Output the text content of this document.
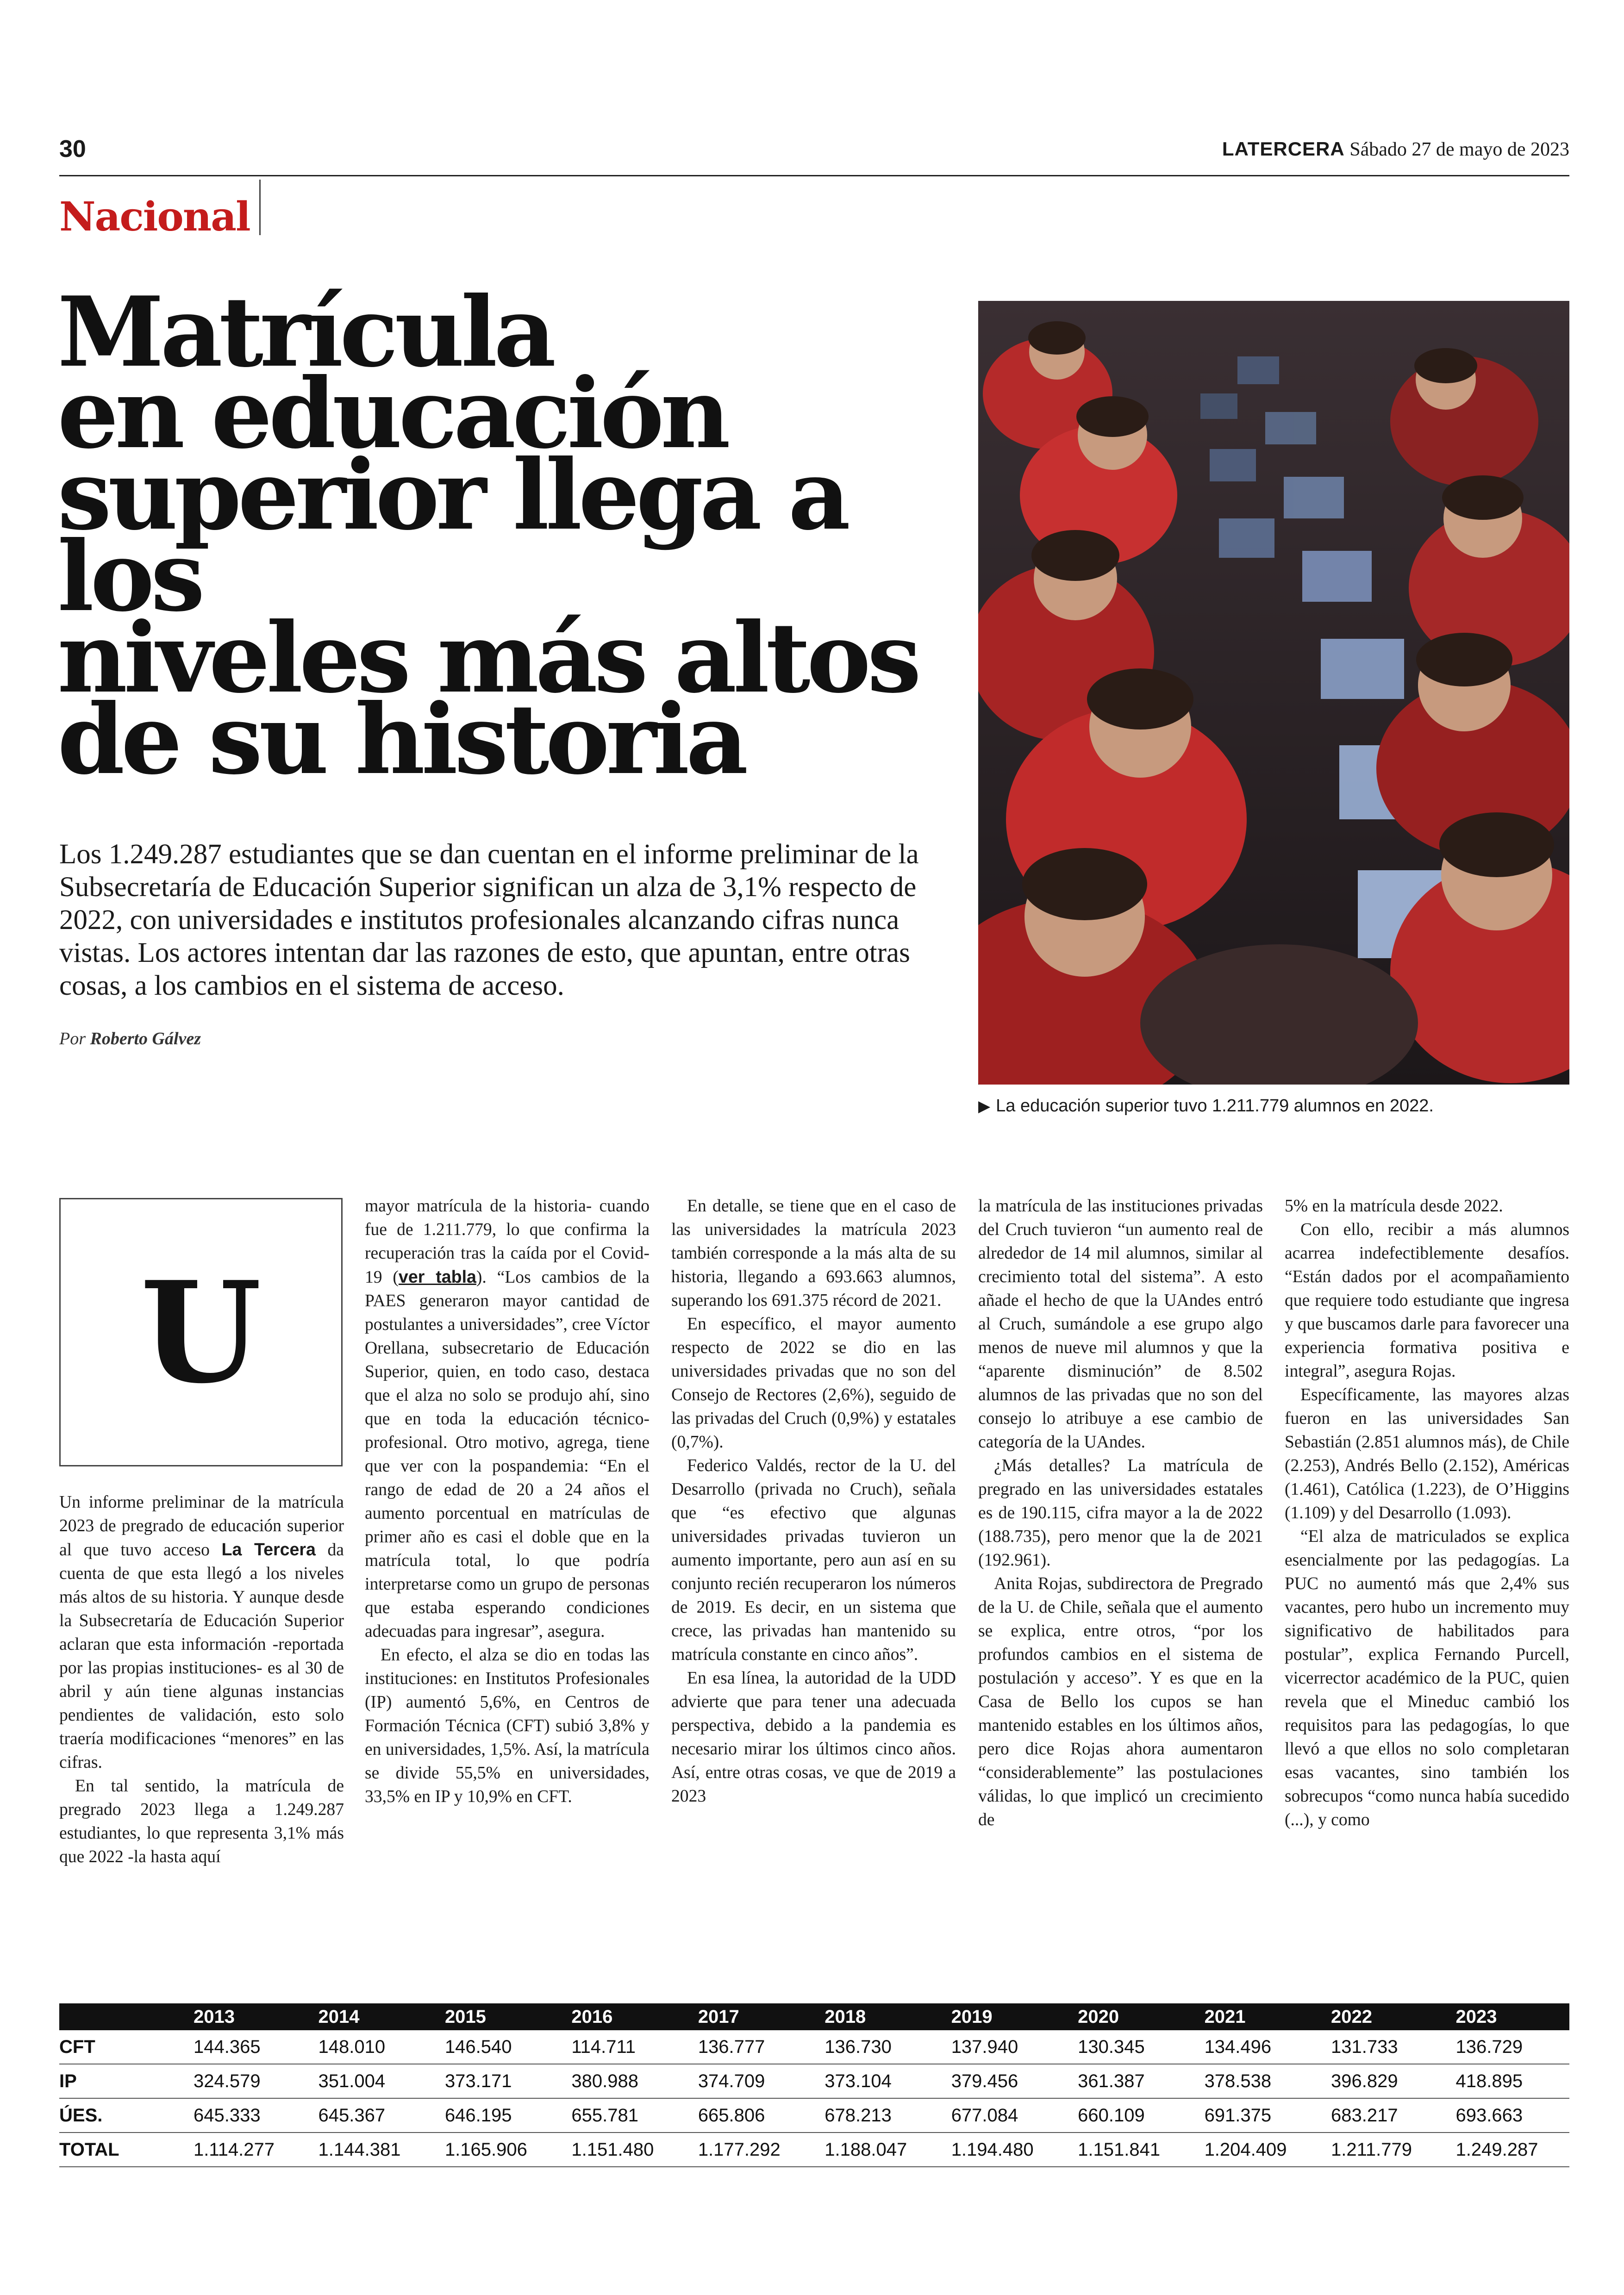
30	LATERCERA Sábado 27 de mayo de 2023
Nacional
Matrícula
en educación
superior llega a los
niveles más altos
de su historia

Los 1.249.287 estudiantes que se dan cuentan en el informe preliminar de la Subsecretaría de Educación Superior significan un alza de 3,1% respecto de 2022, con universidades e institutos profesionales alcanzando cifras nunca vistas. Los actores intentan dar las razones de esto, que apuntan, entre otras cosas, a los cambios en el sistema de acceso.

Por Roberto Gálvez
▶ La educación superior tuvo 1.211.779 alumnos en 2022.
U

Un informe preliminar de la matrícula 2023 de pregrado de educación superior al que tuvo acceso La Tercera da cuenta de que esta llegó a los niveles más altos de su historia. Y aunque desde la Subsecretaría de Educación Superior aclaran que esta información -reportada por las propias instituciones- es al 30 de abril y aún tiene algunas instancias pendientes de validación, esto solo traería modificaciones “menores” en las cifras.

En tal sentido, la matrícula de pregrado 2023 llega a 1.249.287 estudiantes, lo que representa 3,1% más que 2022 -la hasta aquí

mayor matrícula de la historia- cuando fue de 1.211.779, lo que confirma la recuperación tras la caída por el Covid-19 (ver tabla). “Los cambios de la PAES generaron mayor cantidad de postulantes a universidades”, cree Víctor Orellana, subsecretario de Educación Superior, quien, en todo caso, destaca que el alza no solo se produjo ahí, sino que en toda la educación técnico-profesional. Otro motivo, agrega, tiene que ver con la pospandemia: “En el rango de edad de 20 a 24 años el aumento porcentual en matrículas de primer año es casi el doble que en la matrícula total, lo que podría interpretarse como un grupo de personas que estaba esperando condiciones adecuadas para ingresar”, asegura.

En efecto, el alza se dio en todas las instituciones: en Institutos Profesionales (IP) aumentó 5,6%, en Centros de Formación Técnica (CFT) subió 3,8% y en universidades, 1,5%. Así, la matrícula se divide 55,5% en universidades, 33,5% en IP y 10,9% en CFT.

En detalle, se tiene que en el caso de las universidades la matrícula 2023 también corresponde a la más alta de su historia, llegando a 693.663 alumnos, superando los 691.375 récord de 2021.

En específico, el mayor aumento respecto de 2022 se dio en las universidades privadas que no son del Consejo de Rectores (2,6%), seguido de las privadas del Cruch (0,9%) y estatales (0,7%).

Federico Valdés, rector de la U. del Desarrollo (privada no Cruch), señala que “es efectivo que algunas universidades privadas tuvieron un aumento importante, pero aun así en su conjunto recién recuperaron los números de 2019. Es decir, en un sistema que crece, las privadas han mantenido su matrícula constante en cinco años”.

En esa línea, la autoridad de la UDD advierte que para tener una adecuada perspectiva, debido a la pandemia es necesario mirar los últimos cinco años. Así, entre otras cosas, ve que de 2019 a 2023

la matrícula de las instituciones privadas del Cruch tuvieron “un aumento real de alrededor de 14 mil alumnos, similar al crecimiento total del sistema”. A esto añade el hecho de que la UAndes entró al Cruch, sumándole a ese grupo algo menos de nueve mil alumnos y que la “aparente disminución” de 8.502 alumnos de las privadas que no son del consejo lo atribuye a ese cambio de categoría de la UAndes.

¿Más detalles? La matrícula de pregrado en las universidades estatales es de 190.115, cifra mayor a la de 2022 (188.735), pero menor que la de 2021 (192.961).

Anita Rojas, subdirectora de Pregrado de la U. de Chile, señala que el aumento se explica, entre otros, “por los profundos cambios en el sistema de postulación y acceso”. Y es que en la Casa de Bello los cupos se han mantenido estables en los últimos años, pero dice Rojas ahora aumentaron “considerablemente” las postulaciones válidas, lo que implicó un crecimiento de

5% en la matrícula desde 2022.

Con ello, recibir a más alumnos acarrea indefectiblemente desafíos. “Están dados por el acompañamiento que requiere todo estudiante que ingresa y que buscamos darle para favorecer una experiencia formativa positiva e integral”, asegura Rojas.

Específicamente, las mayores alzas fueron en las universidades San Sebastián (2.851 alumnos más), de Chile (2.253), Andrés Bello (2.152), Américas (1.461), Católica (1.223), de O’Higgins (1.109) y del Desarrollo (1.093).

“El alza de matriculados se explica esencialmente por las pedagogías. La PUC no aumentó más que 2,4% sus vacantes, pero hubo un incremento muy significativo de habilitados para postular”, explica Fernando Purcell, vicerrector académico de la PUC, quien revela que el Mineduc cambió los requisitos para las pedagogías, lo que llevó a que ellos no solo completaran esas vacantes, sino también los sobrecupos “como nunca había sucedido (...), y como

	2013	2014	2015	2016	2017	2018	2019	2020	2021	2022	2023
CFT	144.365	148.010	146.540	114.711	136.777	136.730	137.940	130.345	134.496	131.733	136.729
IP	324.579	351.004	373.171	380.988	374.709	373.104	379.456	361.387	378.538	396.829	418.895
ÚES.	645.333	645.367	646.195	655.781	665.806	678.213	677.084	660.109	691.375	683.217	693.663
TOTAL	1.114.277	1.144.381	1.165.906	1.151.480	1.177.292	1.188.047	1.194.480	1.151.841	1.204.409	1.211.779	1.249.287
